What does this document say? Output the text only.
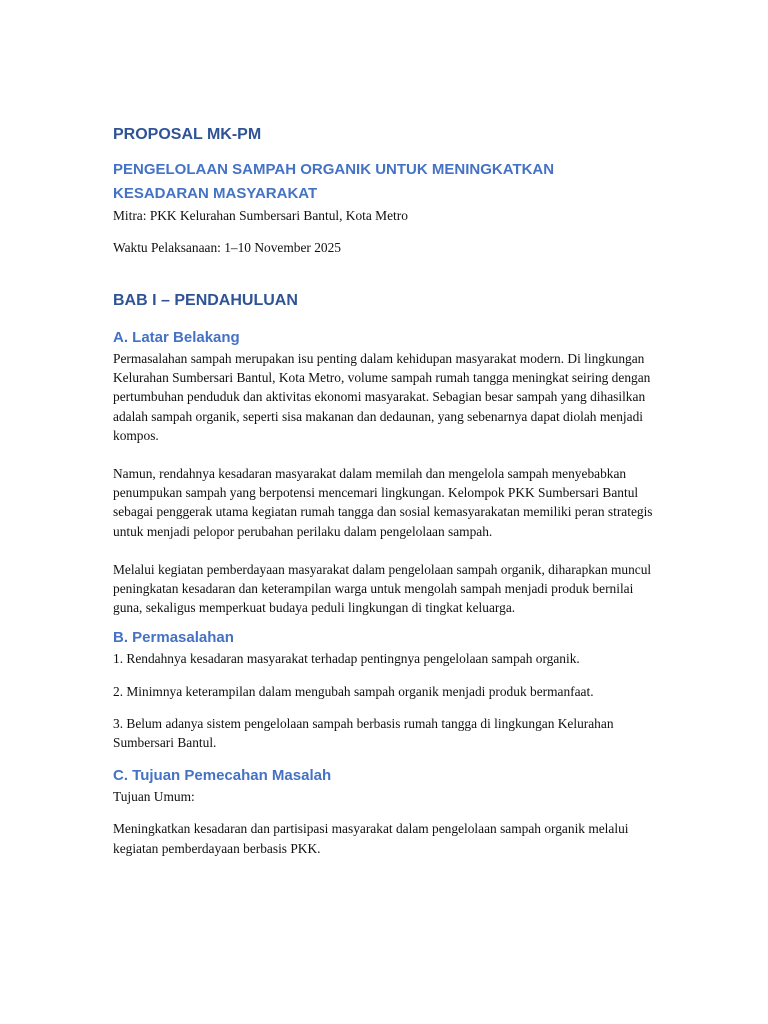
PROPOSAL MK-PM
PENGELOLAAN SAMPAH ORGANIK UNTUK MENINGKATKAN KESADARAN MASYARAKAT

Mitra: PKK Kelurahan Sumbersari Bantul, Kota Metro

Waktu Pelaksanaan: 1–10 November 2025

BAB I – PENDAHULUAN
A. Latar Belakang

Permasalahan sampah merupakan isu penting dalam kehidupan masyarakat modern. Di lingkungan Kelurahan Sumbersari Bantul, Kota Metro, volume sampah rumah tangga meningkat seiring dengan pertumbuhan penduduk dan aktivitas ekonomi masyarakat. Sebagian besar sampah yang dihasilkan adalah sampah organik, seperti sisa makanan dan dedaunan, yang sebenarnya dapat diolah menjadi kompos.

Namun, rendahnya kesadaran masyarakat dalam memilah dan mengelola sampah menyebabkan penumpukan sampah yang berpotensi mencemari lingkungan. Kelompok PKK Sumbersari Bantul sebagai penggerak utama kegiatan rumah tangga dan sosial kemasyarakatan memiliki peran strategis untuk menjadi pelopor perubahan perilaku dalam pengelolaan sampah.

Melalui kegiatan pemberdayaan masyarakat dalam pengelolaan sampah organik, diharapkan muncul peningkatan kesadaran dan keterampilan warga untuk mengolah sampah menjadi produk bernilai guna, sekaligus memperkuat budaya peduli lingkungan di tingkat keluarga.

B. Permasalahan

1. Rendahnya kesadaran masyarakat terhadap pentingnya pengelolaan sampah organik.

2. Minimnya keterampilan dalam mengubah sampah organik menjadi produk bermanfaat.

3. Belum adanya sistem pengelolaan sampah berbasis rumah tangga di lingkungan Kelurahan Sumbersari Bantul.

C. Tujuan Pemecahan Masalah

Tujuan Umum:

Meningkatkan kesadaran dan partisipasi masyarakat dalam pengelolaan sampah organik melalui kegiatan pemberdayaan berbasis PKK.
